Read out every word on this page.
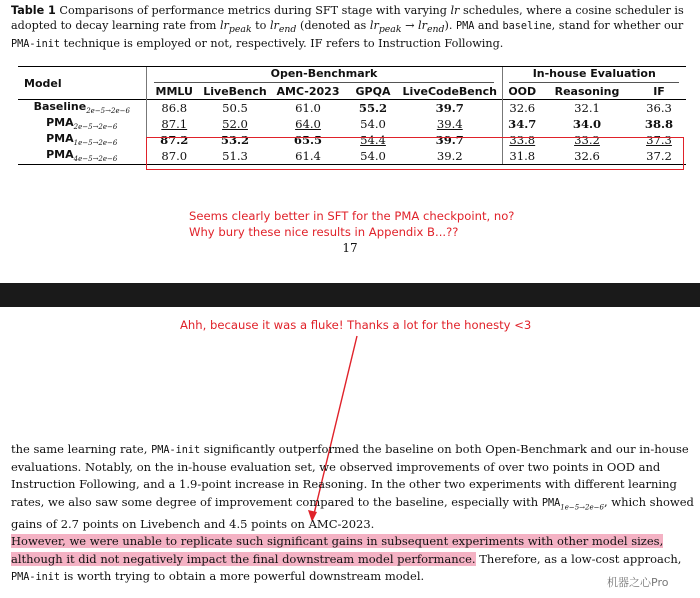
Table 1 Comparisons of performance metrics during SFT stage with varying lr schedules, where a cosine scheduler is adopted to decay learning rate from $lr_{peak}$ to $lr_{end}$ (denoted as $lr_{peak} \to lr_{end}$). PMA and baseline, stand for whether our PMA-init technique is employed or not, respectively. IF refers to Instruction Following.
Model	Open-Benchmark					In-house Evaluation		
	MMLU	LiveBench	AMC-2023	GPQA	LiveCodeBench	OOD	Reasoning	IF
Baseline$_{2e-5\to 2e-6}$	86.8	50.5	61.0	55.2	39.7	32.6	32.1	36.3
$PMA_{2e-5\to 2e-6}$	87.1	52.0	64.0	54.0	39.4	34.7	34.0	38.8
$PMA_{1e-5\to 2e-6}$	87.2	53.2	65.5	54.4	39.7	33.8	33.2	37.3
$PMA_{4e-5\to 2e-6}$	87.0	51.3	61.4	54.0	39.2	31.8	32.6	37.2
Seems clearly better in SFT for the PMA checkpoint, no?
Why bury these nice results in Appendix B...??
17
Ahh, because it was a fluke! Thanks a lot for the honesty <3
the same learning rate, PMA-init significantly outperformed the baseline on both Open-Benchmark and our in-house evaluations. Notably, on the in-house evaluation set, we observed improvements of over two points in OOD and Instruction Following, and a 1.9-point increase in Reasoning. In the other two experiments with different learning rates, we also saw some degree of improvement compared to the baseline, especially with $PMA_{1e-5\to 2e-6}$, which showed gains of 2.7 points on Livebench and 4.5 points on AMC-2023.
However, we were unable to replicate such significant gains in subsequent experiments with other model sizes, although it did not negatively impact the final downstream model performance. Therefore, as a low-cost approach, PMA-init is worth trying to obtain a more powerful downstream model.	机器之心Pro
